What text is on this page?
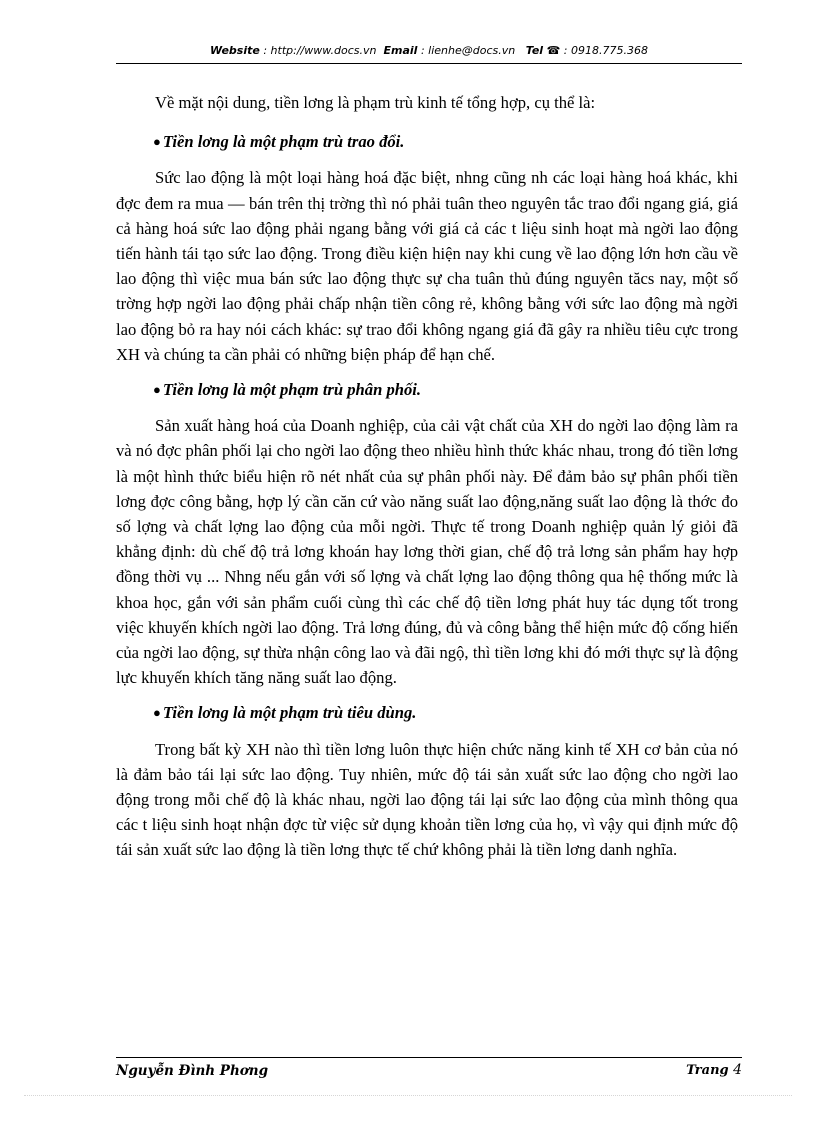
Website : http://www.docs.vn Email : lienhe@docs.vn Tel ☎ : 0918.775.368

Về mặt nội dung, tiền lơng là phạm trù kinh tế tổng hợp, cụ thể là:

● Tiền lơng là một phạm trù trao đổi.

Sức lao động là một loại hàng hoá đặc biệt, nhng cũng nh các loại hàng hoá khác, khi đợc đem ra mua — bán trên thị trờng thì nó phải tuân theo nguyên tắc trao đổi ngang giá, giá cả hàng hoá sức lao động phải ngang bằng với giá cả các t liệu sinh hoạt mà ngời lao động tiến hành tái tạo sức lao động. Trong điều kiện hiện nay khi cung về lao động lớn hơn cầu về lao động thì việc mua bán sức lao động thực sự cha tuân thủ đúng nguyên tăcs nay, một số trờng hợp ngời lao động phải chấp nhận tiền công rẻ, không bằng với sức lao động mà ngời lao động bỏ ra hay nói cách khác: sự trao đổi không ngang giá đã gây ra nhiều tiêu cực trong XH và chúng ta cần phải có những biện pháp để hạn chế.

● Tiền lơng là một phạm trù phân phối.

Sản xuất hàng hoá của Doanh nghiệp, của cải vật chất của XH do ngời lao động làm ra và nó đợc phân phối lại cho ngời lao động theo nhiều hình thức khác nhau, trong đó tiền lơng là một hình thức biểu hiện rõ nét nhất của sự phân phối này. Để đảm bảo sự phân phối tiền lơng đợc công bằng, hợp lý cần căn cứ vào năng suất lao động,năng suất lao động là thớc đo số lợng và chất lợng lao động của mỗi ngời. Thực tế trong Doanh nghiệp quản lý giỏi đã khẳng định: dù chế độ trả lơng khoán hay lơng thời gian, chế độ trả lơng sản phẩm hay hợp đồng thời vụ ... Nhng nếu gắn với số lợng và chất lợng lao động thông qua hệ thống mức là khoa học, gắn với sản phẩm cuối cùng thì các chế độ tiền lơng phát huy tác dụng tốt trong việc khuyến khích ngời lao động. Trả lơng đúng, đủ và công bằng thể hiện mức độ cống hiến của ngời lao động, sự thừa nhận công lao và đãi ngộ, thì tiền lơng khi đó mới thực sự là động lực khuyến khích tăng năng suất lao động.

● Tiền lơng là một phạm trù tiêu dùng.

Trong bất kỳ XH nào thì tiền lơng luôn thực hiện chức năng kinh tế XH cơ bản của nó là đảm bảo tái lại sức lao động. Tuy nhiên, mức độ tái sản xuất sức lao động cho ngời lao động trong mỗi chế độ là khác nhau, ngời lao động tái lại sức lao động của mình thông qua các t liệu sinh hoạt nhận đợc từ việc sử dụng khoản tiền lơng của họ, vì vậy qui định mức độ tái sản xuất sức lao động là tiền lơng thực tế chứ không phải là tiền lơng danh nghĩa.

Nguyễn Đình Phơng	Trang 4
